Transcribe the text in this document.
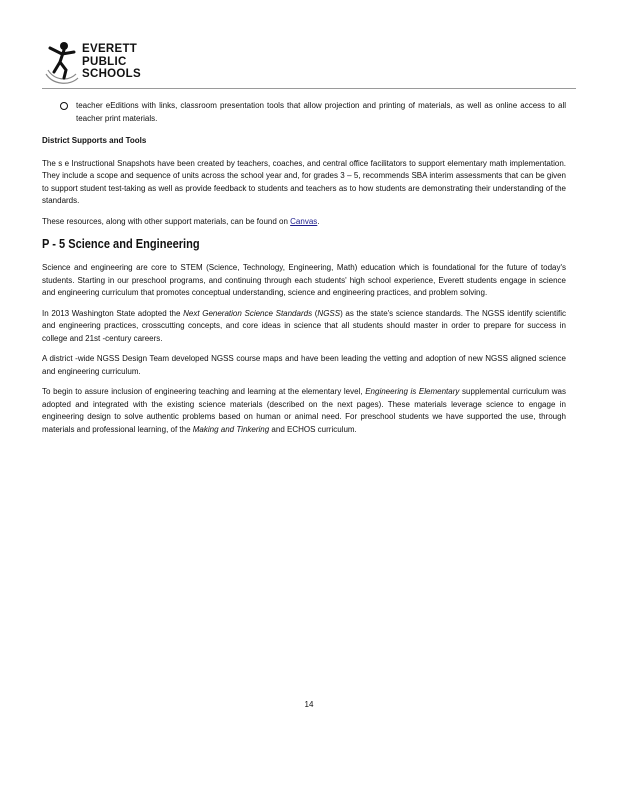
EVERETT
PUBLIC
SCHOOLS

teacher eEditions with links, classroom presentation tools that allow projection and printing of materials, as well as online access to all teacher print materials.

District Supports and Tools

The s e Instructional Snapshots have been created by teachers, coaches, and central office facilitators to support elementary math implementation. They include a scope and sequence of units across the school year and, for grades 3 – 5, recommends SBA interim assessments that can be given to support student test-taking as well as provide feedback to students and teachers as to how students are demonstrating their understanding of the standards.

These resources, along with other support materials, can be found on Canvas.

P - 5 Science and Engineering

Science and engineering are core to STEM (Science, Technology, Engineering, Math) education which is foundational for the future of today's students. Starting in our preschool programs, and continuing through each students' high school experience, Everett students engage in science and engineering curriculum that promotes conceptual understanding, science and engineering practices, and problem solving.

In 2013 Washington State adopted the Next Generation Science Standards (NGSS) as the state's science standards. The NGSS identify scientific and engineering practices, crosscutting concepts, and core ideas in science that all students should master in order to prepare for success in college and 21st -century careers.

A district -wide NGSS Design Team developed NGSS course maps and have been leading the vetting and adoption of new NGSS aligned science and engineering curriculum.

To begin to assure inclusion of engineering teaching and learning at the elementary level, Engineering is Elementary supplemental curriculum was adopted and integrated with the existing science materials (described on the next pages). These materials leverage science to engage in engineering design to solve authentic problems based on human or animal need. For preschool students we have supported the use, through materials and professional learning, of the Making and Tinkering and ECHOS curriculum.

14
